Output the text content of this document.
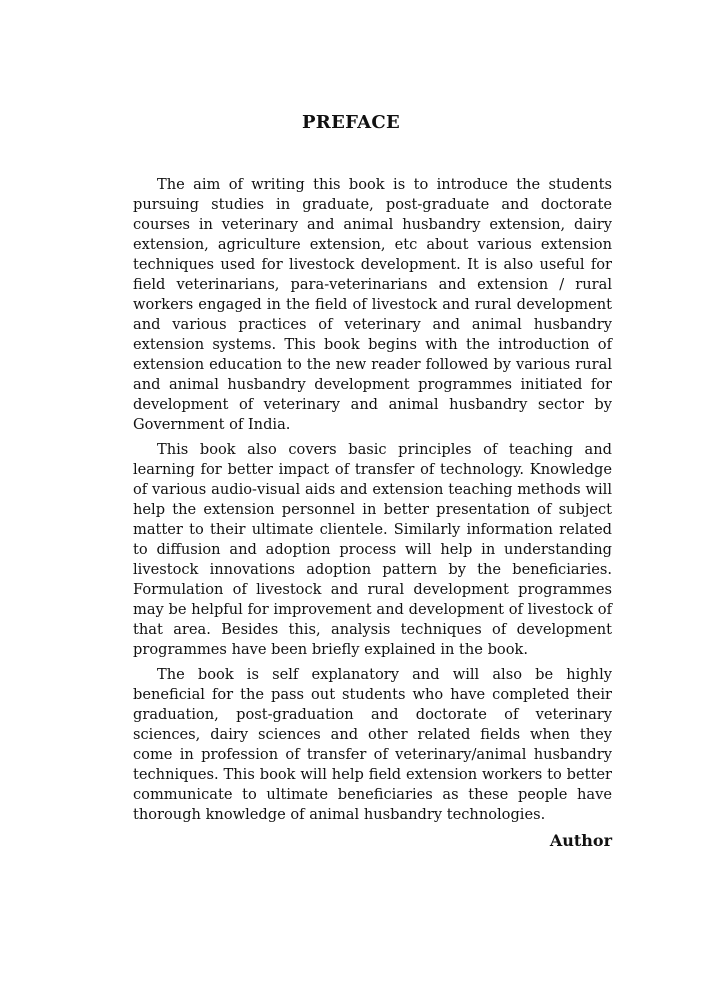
PREFACE

The aim of writing this book is to introduce the students pursuing studies in graduate, post-graduate and doctorate courses in veterinary and animal husbandry extension, dairy extension, agriculture extension, etc about various extension techniques used for livestock development. It is also useful for field veterinarians, para-veterinarians and extension / rural workers engaged in the field of livestock and rural development and various practices of veterinary and animal husbandry extension systems. This book begins with the introduction of extension education to the new reader followed by various rural and animal husbandry development programmes initiated for development of veterinary and animal husbandry sector by Government of India.

This book also covers basic principles of teaching and learning for better impact of transfer of technology. Knowledge of various audio-visual aids and extension teaching methods will help the extension personnel in better presentation of subject matter to their ultimate clientele. Similarly information related to diffusion and adoption process will help in understanding livestock innovations adoption pattern by the beneficiaries. Formulation of livestock and rural development programmes may be helpful for improvement and development of livestock of that area. Besides this, analysis techniques of development programmes have been briefly explained in the book.

The book is self explanatory and will also be highly beneficial for the pass out students who have completed their graduation, post-graduation and doctorate of veterinary sciences, dairy sciences and other related fields when they come in profession of transfer of veterinary/animal husbandry techniques. This book will help field extension workers to better communicate to ultimate beneficiaries as these people have thorough knowledge of animal husbandry technologies.

Author
